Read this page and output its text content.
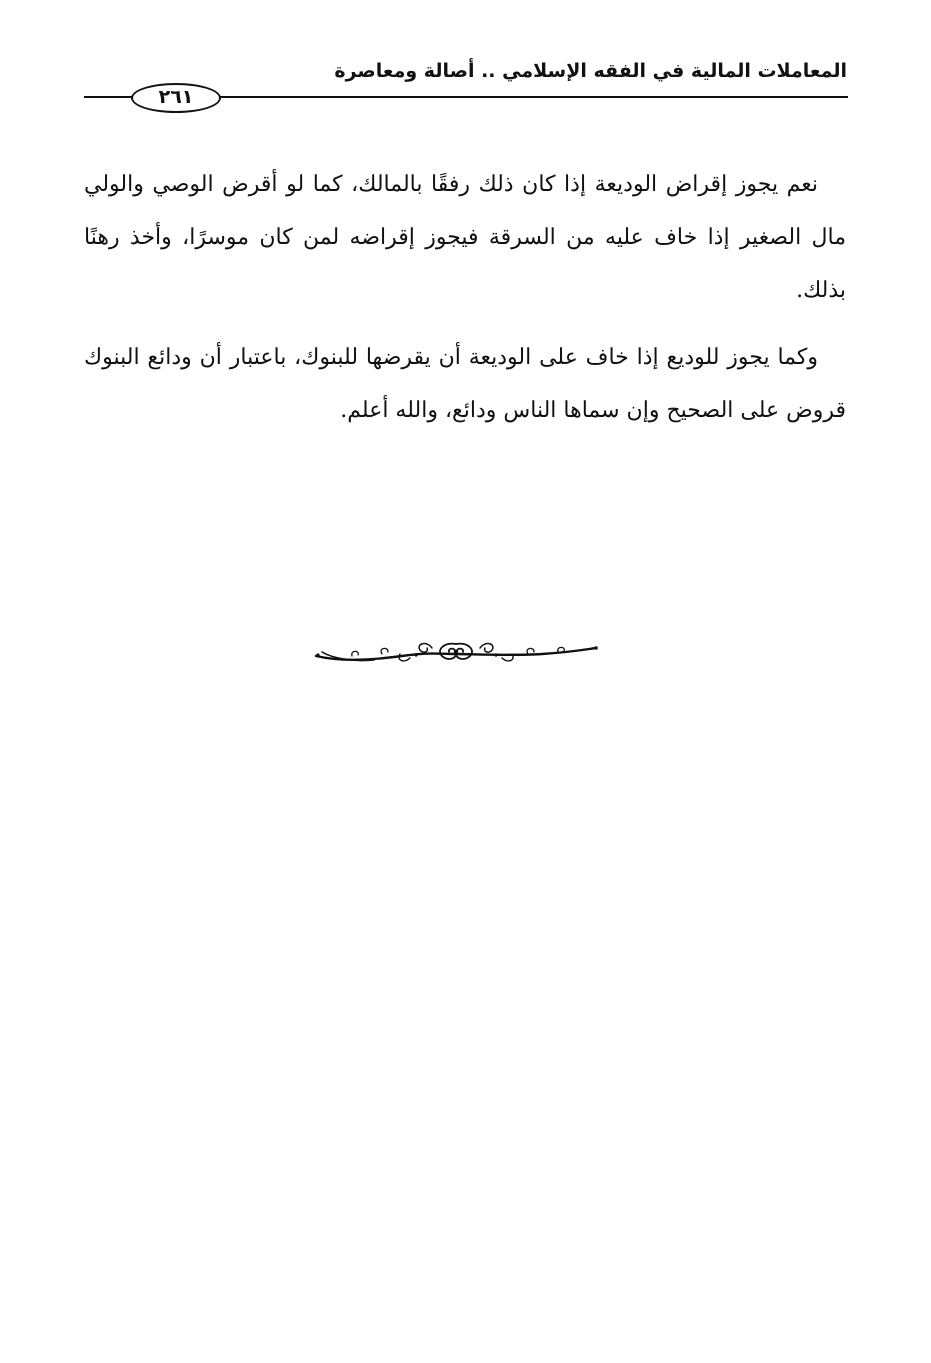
المعاملات المالية في الفقه الإسلامي .. أصالة ومعاصرة
٢٦١

نعم يجوز إقراض الوديعة إذا كان ذلك رفقًا بالمالك، كما لو أقرض الوصي والولي مال الصغير إذا خاف عليه من السرقة فيجوز إقراضه لمن كان موسرًا، وأخذ رهنًا بذلك.

وكما يجوز للوديع إذا خاف على الوديعة أن يقرضها للبنوك، باعتبار أن ودائع البنوك قروض على الصحيح وإن سماها الناس ودائع، والله أعلم.
